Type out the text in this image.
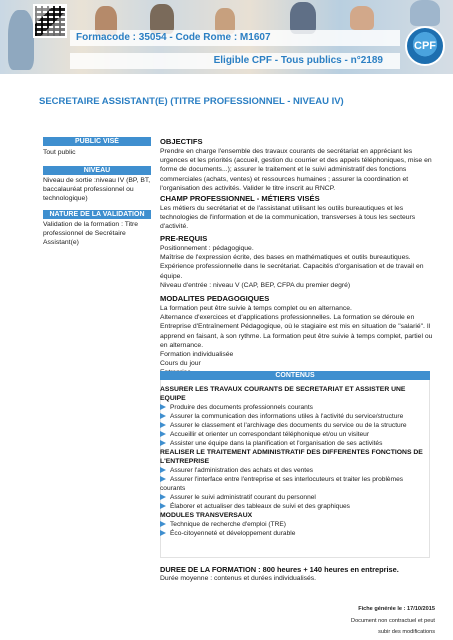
Formacode : 35054 - Code Rome : M1607
Eligible CPF - Tous publics - n°2189
CPF
SECRETAIRE ASSISTANT(E) (TITRE PROFESSIONNEL - NIVEAU IV)
PUBLIC VISÉ
Tout public
NIVEAU
Niveau de sortie :niveau IV (BP, BT, baccalauréat professionnel ou technologique)
NATURE DE LA VALIDATION
Validation de la formation : Titre professionnel de Secrétaire Assistant(e)
OBJECTIFS
Prendre en charge l'ensemble des travaux courants de secrétariat en appréciant les urgences et les priorités (accueil, gestion du courrier et des appels téléphoniques, mise en forme de documents...); assurer le traitement et le suivi administratif des fonctions commerciales (achats, ventes) et ressources humaines ; assurer la coordination et l'organisation des activités. Valider le titre inscrit au RNCP.
CHAMP PROFESSIONNEL - MÉTIERS VISÉS
Les métiers du secrétariat et de l'assistanat utilisant les outils bureautiques et les technologies de l'information et de la communication, transverses à tous les secteurs d'activité.
PRE-REQUIS
Positionnement : pédagogique.
Maîtrise de l'expression écrite, des bases en mathématiques et outils bureautiques.
Expérience professionnelle dans le secrétariat. Capacités d'organisation et de travail en équipe.
Niveau d'entrée : niveau V (CAP, BEP, CFPA du premier degré)
MODALITES PEDAGOGIQUES
La formation peut être suivie à temps complet ou en alternance.
Alternance d'exercices et d'applications professionnelles. La formation se déroule en Entreprise d'Entraînement Pédagogique, où le stagiaire est mis en situation de "salarié". Il apprend en faisant, à son rythme. La formation peut être suivie à temps complet, partiel ou en alternance.
Formation individualisée
Cours du jour
CONTENUS
ASSURER LES TRAVAUX COURANTS DE SECRETARIAT ET ASSISTER UNE EQUIPE
Produire des documents professionnels courants
Assurer la communication des informations utiles à l'activité du service/structure
Assurer le classement et l'archivage des documents du service ou de la structure
Accueillir et orienter un correspondant téléphonique et/ou un visiteur
Assister une équipe dans la planification et l'organisation de ses activités
REALISER LE TRAITEMENT ADMINISTRATIF DES DIFFERENTES FONCTIONS DE L'ENTREPRISE
Assurer l'administration des achats et des ventes
Assurer l'interface entre l'entreprise et ses interlocuteurs et traiter les problèmes
courants
Assurer le suivi administratif courant du personnel
Élaborer et actualiser des tableaux de suivi et des graphiques
MODULES TRANSVERSAUX
Technique de recherche d'emploi (TRE)
Éco-citoyenneté et développement durable
DUREE DE LA FORMATION : 800 heures + 140 heures en entreprise.
Durée moyenne : contenus et durées individualisés.
Fiche générée le : 17/10/2015
Document non contractuel et peut
subir des modifications
